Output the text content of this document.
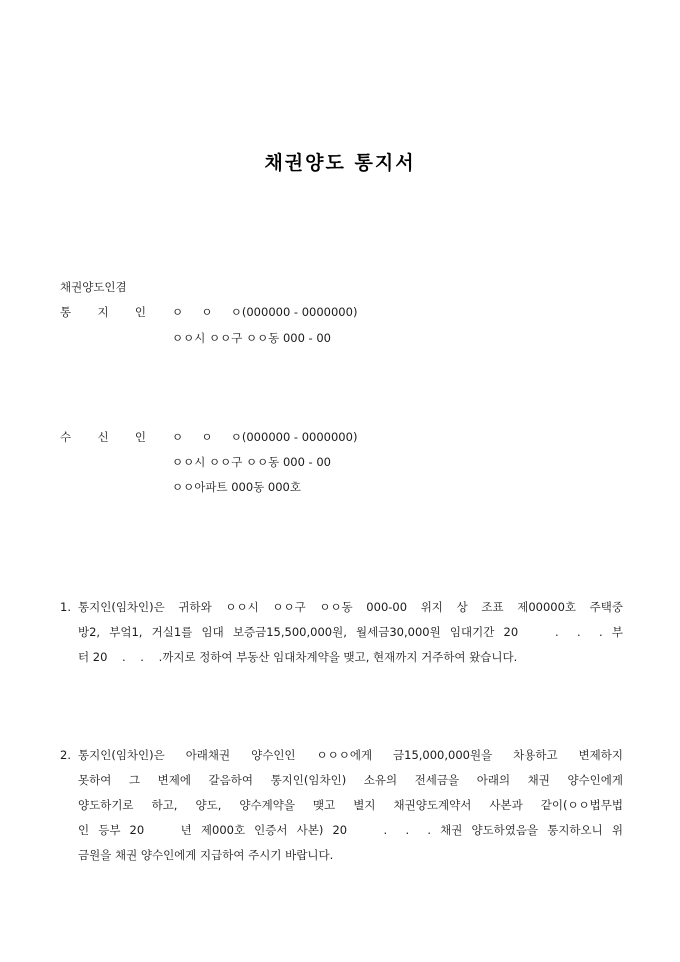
채권양도 통지서
채권양도인겸
통 지 인 ㅇ     ㅇ     ㅇ(000000 - 0000000)
ㅇㅇ시 ㅇㅇ구 ㅇㅇ동 000 - 00
수 신 인 ㅇ     ㅇ     ㅇ(000000 - 0000000)
ㅇㅇ시 ㅇㅇ구 ㅇㅇ동 000 - 00
ㅇㅇ아파트 000동 000호
1. 통지인(임차인)은 귀하와 ㅇㅇ시 ㅇㅇ구 ㅇㅇ동 000-00 위지 상 조표 제00000호 주택중
방2, 부엌1, 거실1를 임대 보증금15,500,000원, 월세금30,000원 임대기간 20    .  .  . 부
터 20    .    .    .까지로 정하여 부동산 임대차계약을 맺고, 현재까지 거주하여 왔습니다.
2. 통지인(임차인)은 아래채권 양수인인 ㅇㅇㅇ에게 금15,000,000원을 차용하고 변제하지
못하여 그 변제에 갈음하여 통지인(임차인) 소유의 전세금을 아래의 채권 양수인에게
양도하기로 하고, 양도, 양수계약을 맺고 별지 채권양도계약서 사본과 같이(ㅇㅇ법무법
인 등부 20    년 제000호 인증서 사본) 20    .  .  . 채권 양도하였음을 통지하오니 위
금원을 채권 양수인에게 지급하여 주시기 바랍니다.
